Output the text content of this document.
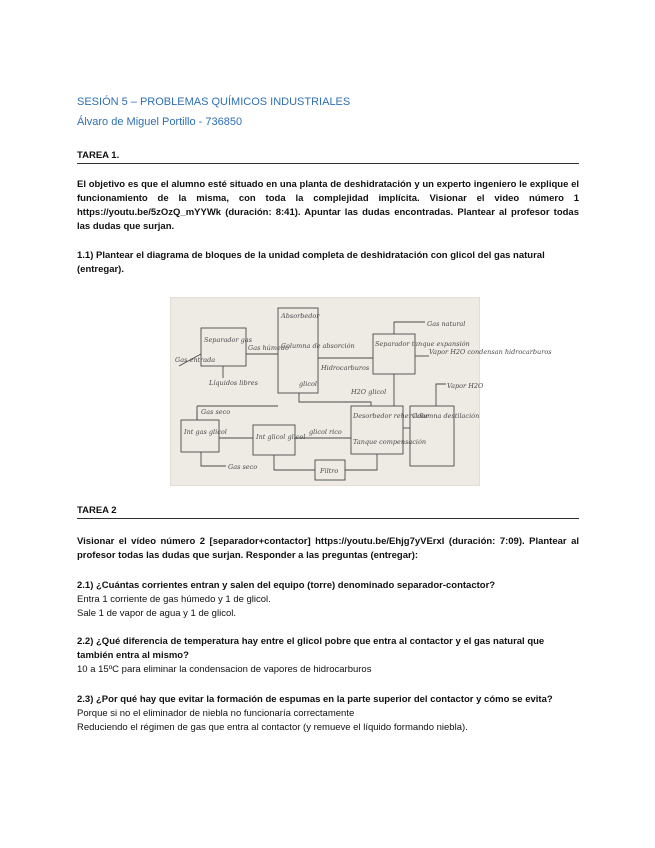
SESIÓN 5 – PROBLEMAS QUÍMICOS INDUSTRIALES
Álvaro de Miguel Portillo - 736850
TAREA 1.
El objetivo es que el alumno esté situado en una planta de deshidratación y un experto ingeniero le explique el funcionamiento de la misma, con toda la complejidad implícita. Visionar el video número 1 https://youtu.be/5zOzQ_mYYWk (duración: 8:41). Apuntar las dudas encontradas. Plantear al profesor todas las dudas que surjan.
1.1) Plantear el diagrama de bloques de la unidad completa de deshidratación con glicol del gas natural (entregar).
Absorbedor
Columna de absorción
Separador gas
Gas entrada
Líquidos libres
Gas húmedo	Separador tanque expansión
Gas natural
Vapor H2O condensan hidrocarburos
Vapor H2O
Hidrocarburos
H2O glicol
glicol
Gas seco
Int gas glicol
Int glicol glicol
glicol rico
Desorbedor rehervidor
Columna destilación
Tanque compensación
Gas seco	Filtro
TAREA 2
Visionar el vídeo número 2 [separador+contactor] https://youtu.be/Ehjg7yVErxI (duración: 7:09). Plantear al profesor todas las dudas que surjan. Responder a las preguntas (entregar):
2.1) ¿Cuántas corrientes entran y salen del equipo (torre) denominado separador-contactor?
Entra 1 corriente de gas húmedo y 1 de glicol.
Sale 1 de vapor de agua y 1 de glicol.
2.2) ¿Qué diferencia de temperatura hay entre el glicol pobre que entra al contactor y el gas natural que también entra al mismo?
10 a 15ºC para eliminar la condensacion de vapores de hidrocarburos
2.3) ¿Por qué hay que evitar la formación de espumas en la parte superior del contactor y cómo se evita?
Porque si no el eliminador de niebla no funcionaría correctamente
Reduciendo el régimen de gas que entra al contactor (y remueve el líquido formando niebla).
